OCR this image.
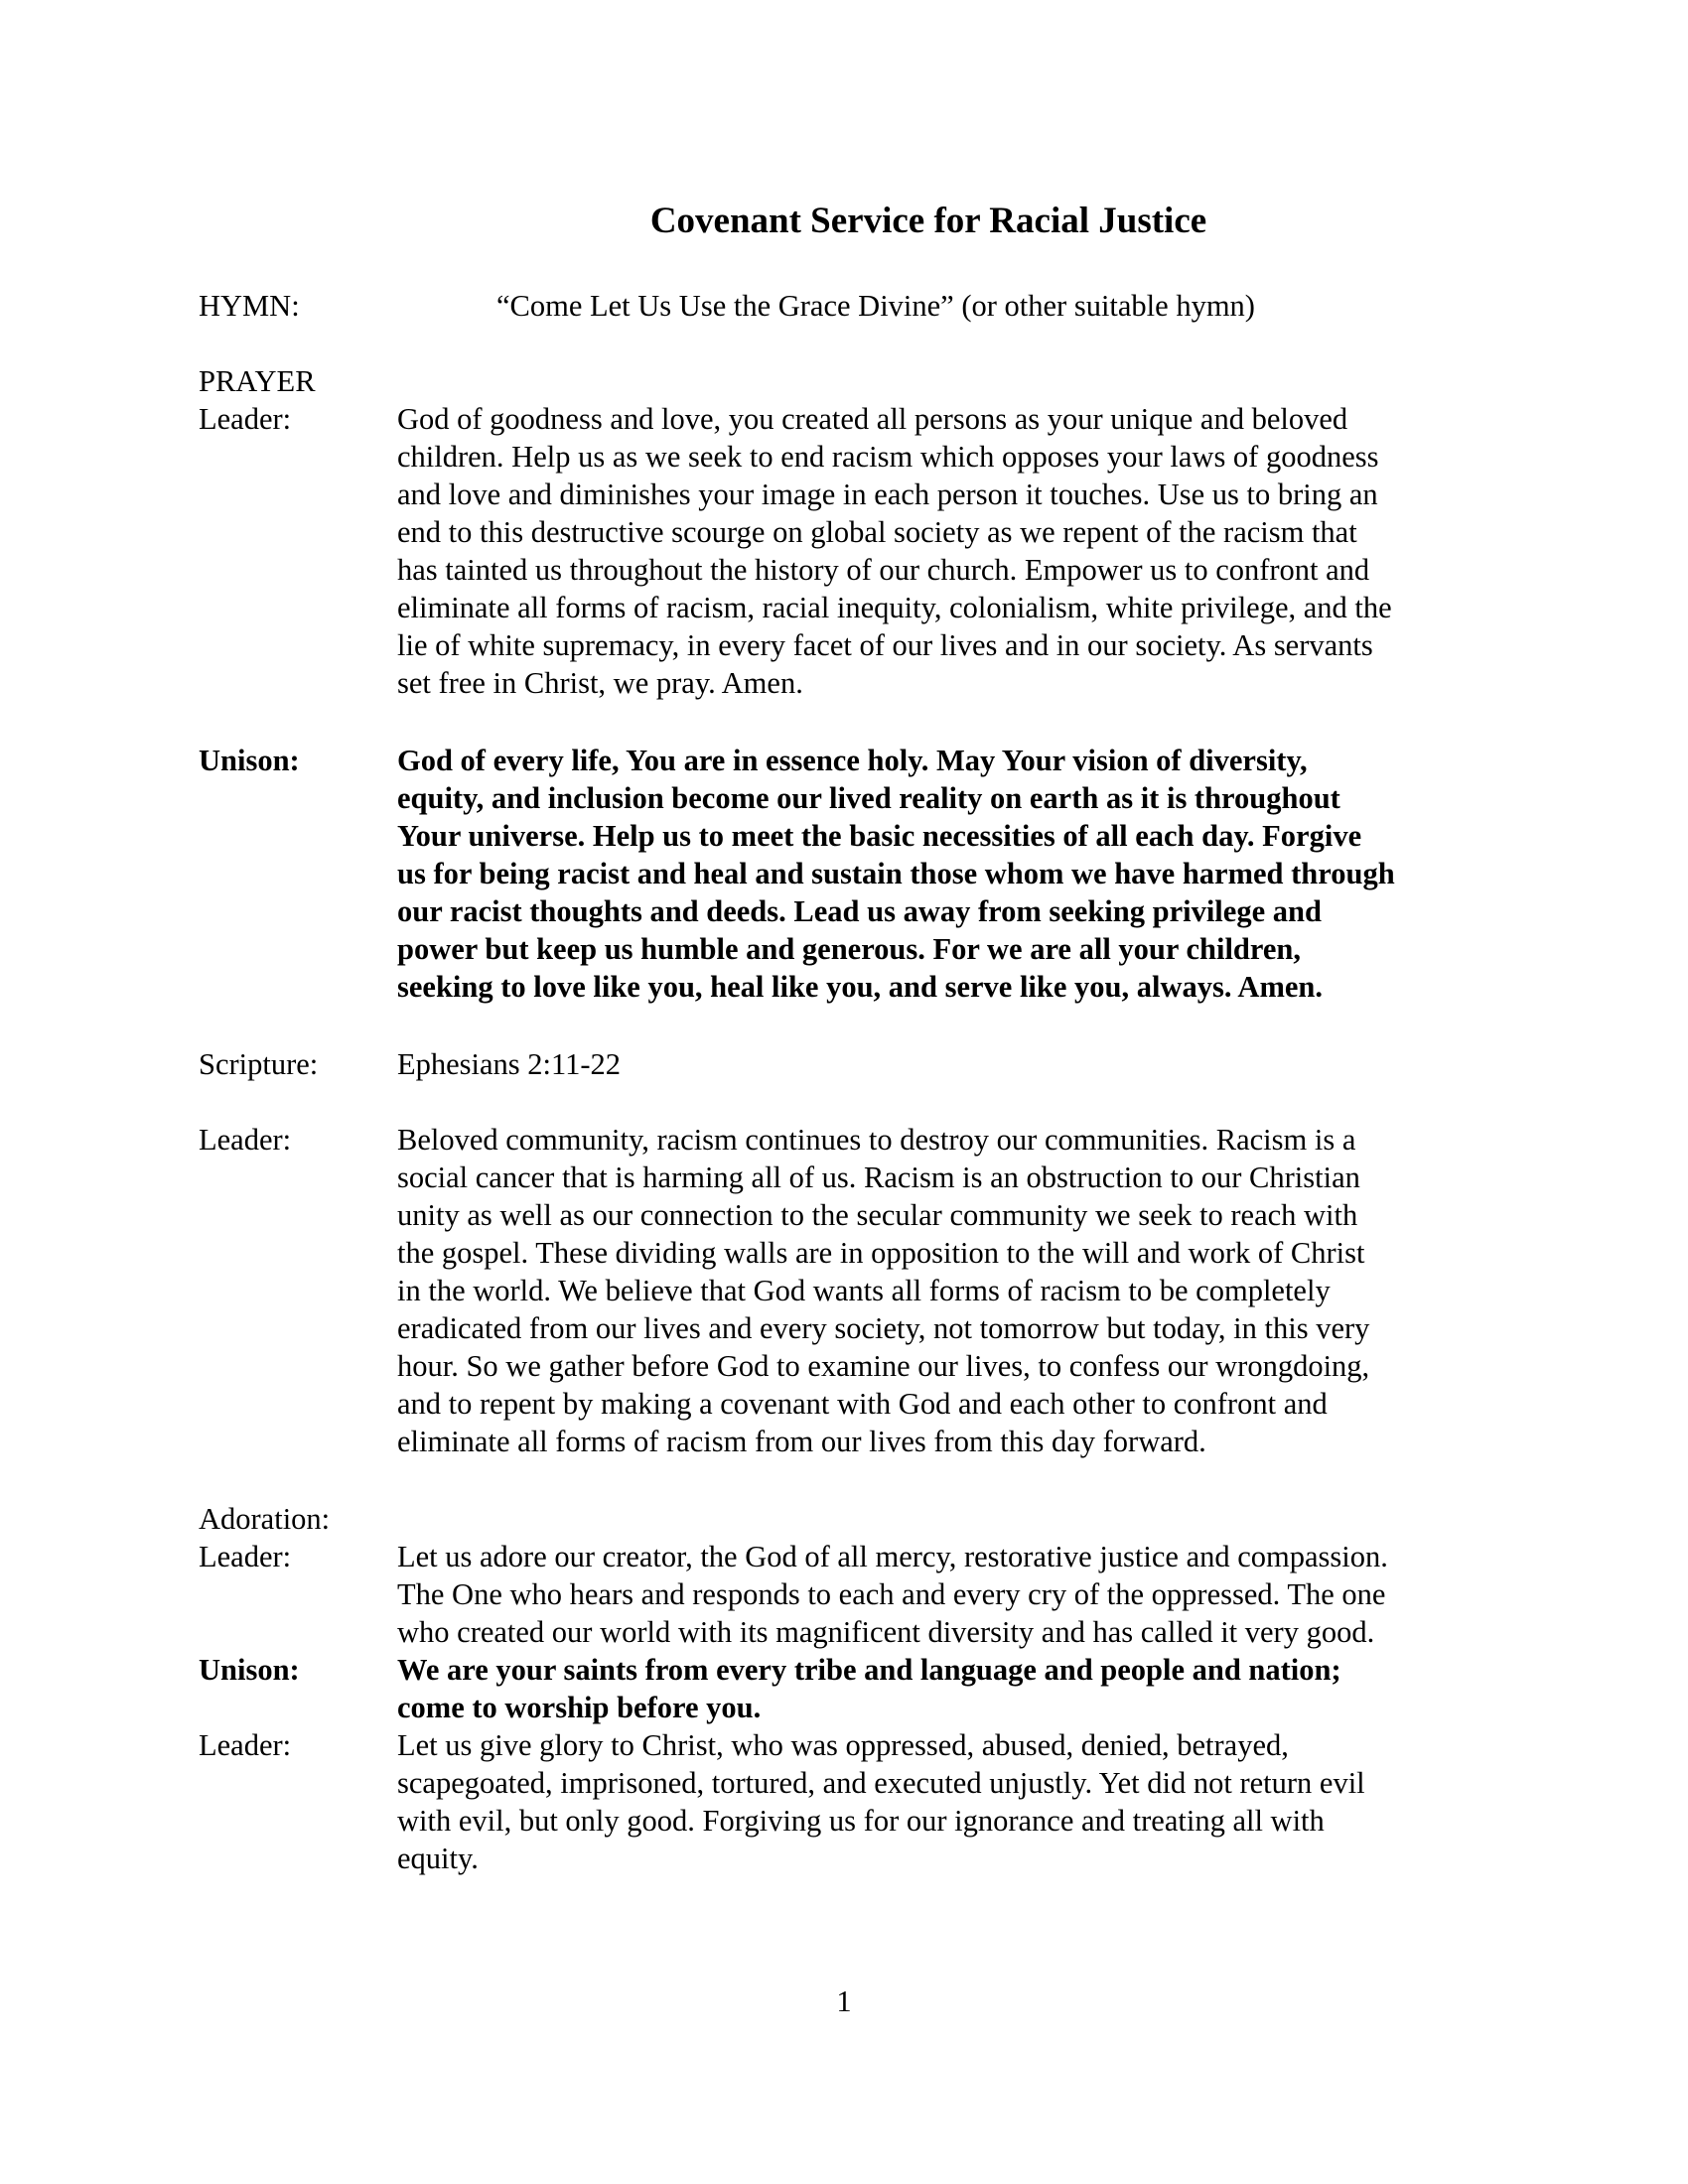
Covenant Service for Racial Justice
HYMN:	“Come Let Us Use the Grace Divine” (or other suitable hymn)
PRAYER
Leader:	God of goodness and love, you created all persons as your unique and beloved
children. Help us as we seek to end racism which opposes your laws of goodness
and love and diminishes your image in each person it touches. Use us to bring an
end to this destructive scourge on global society as we repent of the racism that
has tainted us throughout the history of our church. Empower us to confront and
eliminate all forms of racism, racial inequity, colonialism, white privilege, and the
lie of white supremacy, in every facet of our lives and in our society. As servants
set free in Christ, we pray. Amen.
Unison:	God of every life, You are in essence holy. May Your vision of diversity,
equity, and inclusion become our lived reality on earth as it is throughout
Your universe. Help us to meet the basic necessities of all each day. Forgive
us for being racist and heal and sustain those whom we have harmed through
our racist thoughts and deeds. Lead us away from seeking privilege and
power but keep us humble and generous. For we are all your children,
seeking to love like you, heal like you, and serve like you, always. Amen.
Scripture:	Ephesians 2:11-22
Leader:	Beloved community, racism continues to destroy our communities. Racism is a
social cancer that is harming all of us. Racism is an obstruction to our Christian
unity as well as our connection to the secular community we seek to reach with
the gospel. These dividing walls are in opposition to the will and work of Christ
in the world. We believe that God wants all forms of racism to be completely
eradicated from our lives and every society, not tomorrow but today, in this very
hour. So we gather before God to examine our lives, to confess our wrongdoing,
and to repent by making a covenant with God and each other to confront and
eliminate all forms of racism from our lives from this day forward.
Adoration:
Leader:	Let us adore our creator, the God of all mercy, restorative justice and compassion.
The One who hears and responds to each and every cry of the oppressed. The one
who created our world with its magnificent diversity and has called it very good.
Unison:	We are your saints from every tribe and language and people and nation;
come to worship before you.
Leader:	Let us give glory to Christ, who was oppressed, abused, denied, betrayed,
scapegoated, imprisoned, tortured, and executed unjustly. Yet did not return evil
with evil, but only good. Forgiving us for our ignorance and treating all with
equity.
1
